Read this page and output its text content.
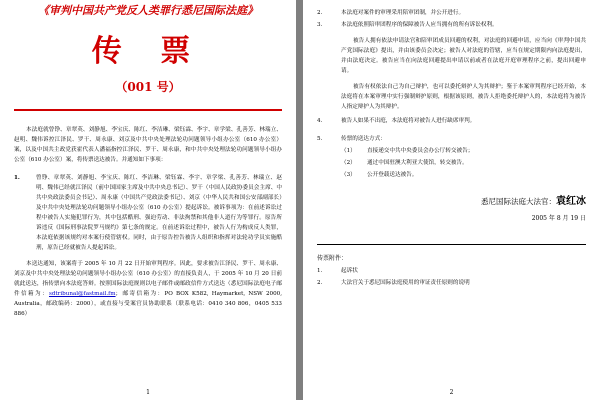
《审判中国共产党反人类罪行悉尼国际法庭》
传 票
（001 号）

本法庭就曾铮、章翠英、刘静旭、李宝庆、陈红、李洁琳、梁钰霖、李宇、章学梁、孔善芳、林瑞立、赵明、魏伟诉控江泽民、罗干、周永康、刘京及中共中央处理法轮功问题领导小组办公室（610 办公室）案，以及中国共主政党获霍代表人潘福指控江泽民、罗干、周永康，和中共中央处理法轮功问题领导小组办公室（610 办公室）案，将传票送达被告。并通知如下事项：

1.	曾铮、章翠英、刘静旭、李宝庆、陈红、李洁琳、梁钰霖、李宇、章学梁、孔善芳、林瑞立、赵明、魏伟已经就江泽民（前中国国家主席及中共中央总书记）、罗干（中国人民政协委员会主席、中共中央政法委员会书记）、周永康（中国共产党政法委书记）、刘京（中华人民共和国公安部副部长）及中共中央处理法轮功问题领导小组办公室（610 办公室）提起诉讼。被诉事项为：在前述诉讼过程中被告人实施犯罪行为，其中包括酷刑、强迫劳动、非法拘禁和其他非人道行为等罪行。原告所诉违反《国际刑事法院罗马规约》第七条的规定。在前述诉讼过程中，被告人行为构成反人类罪，本法庭依据该规约对本案行使管辖权。同时，由于原告控告被告人组织和指挥对法轮功学员实施酷刑，原告已经就被告人提起诉讼。

本送达通知，该案将于 2005 年 10 月 22 日开始审判程序。因此，要求被告江泽民、罗干、周永康、刘京及中共中央处理法轮功问题领导小组办公室（610 办公室）的直接负责人，于 2005 年 10 月 20 日前就此送达，指传票向本法庭答辩。按照国际法庭规则以电子邮件或邮政信件方式送达（悉尼国际法庭电子邮件信箱为：sdtribunal@fastmail.fm；邮寄信箱为：PO BOX K582, Haymarket, NSW 2000, Australia，邮政编码：2000），或直接与受案官员协助联系（联系电话：0410 340 806，0405 533 886）

1
2.	本法庭对案件的审理采用陪审团制，并公开进行。
3.	本法庭依照陪审团程序的保障被告人应当拥有的所有诉讼权利。

被告人拥有依法申请法官和陪审团成员回避的权利，对法庭的回避申请，应当向《审判中国共产党国际法庭》提出，并由该委员会决定；被告人对法庭的管辖，应当在规定期限内向法庭提出，并由法庭决定。被告应当在向法庭回避提出申请以前或者在法庭开庭审理程序之前，提出回避申请。

被告有权依法自己为自己辩护，也可以委托辩护人为其辩护；鉴于本案审判程序已经开始，本法庭将在本案审理中实行强制辩护原则，根据该原则，被告人拒绝委托辩护人的，本法庭将为被告人指定辩护人为其辩护。

4.	被告人如果不出庭，本法庭将对被告人进行缺席审判。
5.	传票的送达方式：
（1）	直接递交中共中央委员会办公厅转交被告；
（2）	通过中国驻澳大利亚大使馆，转交被告。
（3）	公开登载送达被告。
悉尼国际法庭大法官：袁红冰
2005 年 8 月 19 日
传票附件：
1.	起诉状
2.	大法官关于悉尼国际法庭使用的审证责任原则的说明
2
